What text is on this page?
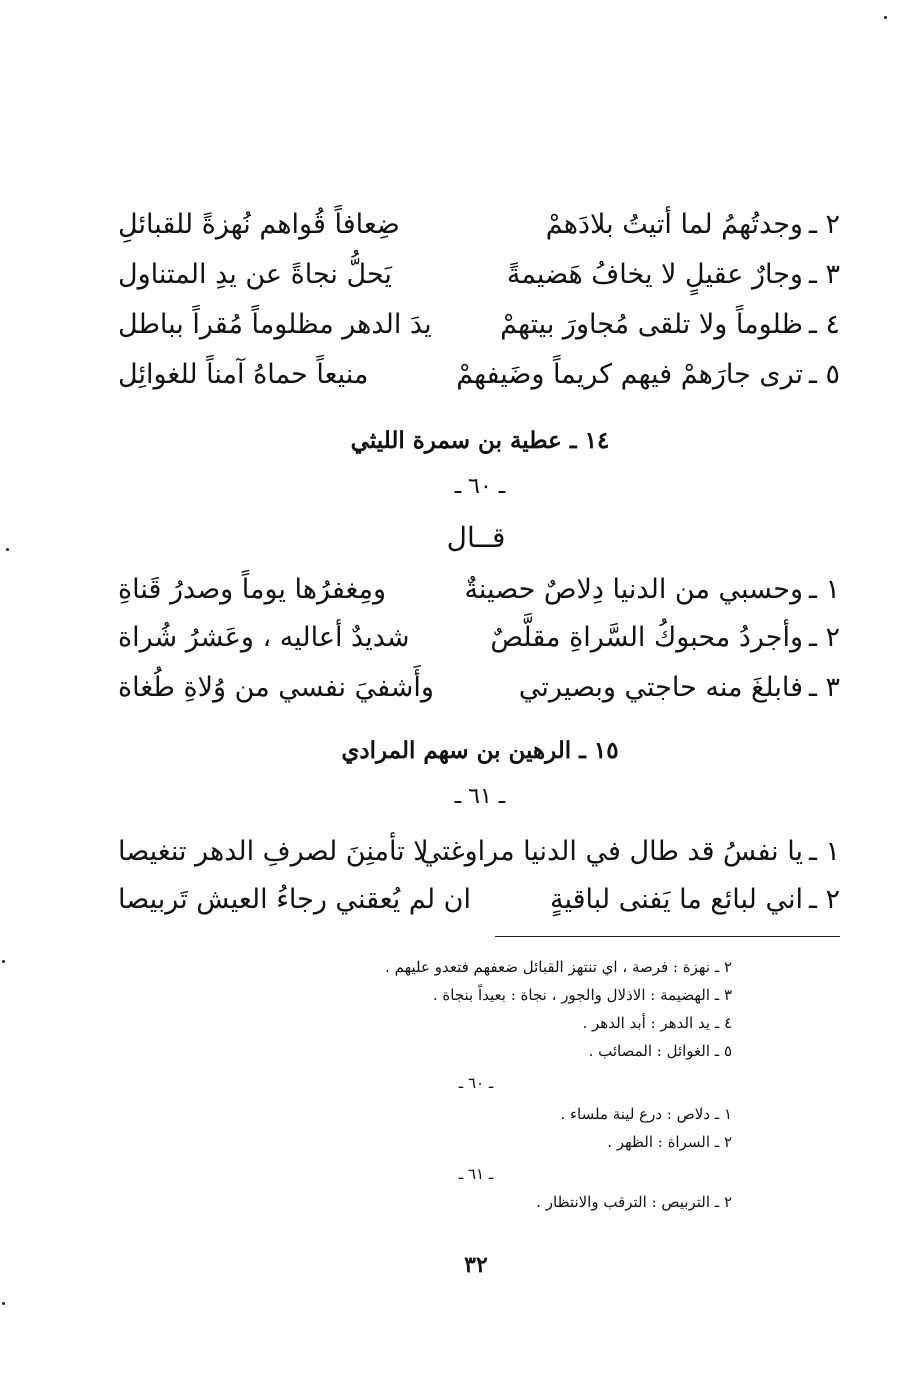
٢ ـ
وجدتُهمُ لما أتيتُ بلادَهمْ
ضِعافاً قُواهم نُهزةً للقبائلِ
٣ ـ
وجارٌ عقيلٍ لا يخافُ هَضيمةً
يَحلُّ نجاةً عن يدِ المتناول
٤ ـ
ظلوماً ولا تلقى مُجاورَ بيتهمْ
يدَ الدهر مظلوماً مُقراً بباطل
٥ ـ
ترى جارَهمْ فيهم كريماً وضَيفهمْ
منيعاً حماهُ آمناً للغوائِل
١٤ ـ عطية بن سمرة الليثي
ـ ٦٠ ـ
قــال
١ ـ
وحسبي من الدنيا دِلاصٌ حصينةٌ
ومِغفرُها يوماً وصدرُ قَناةِ
٢ ـ
وأجردُ محبوكُ السَّراةِ مقلَّصٌ
شديدٌ أعاليه ، وعَشرُ شُراة
٣ ـ
فابلغَ منه حاجتي وبصيرتي
وأَشفيَ نفسي من وُلاةِ طُغاة
١٥ ـ الرهين بن سهم المرادي
ـ ٦١ ـ
١ ـ
يا نفسُ قد طال في الدنيا مراوغتي
لا تأمنِنَ لصرفِ الدهر تنغيصا
٢ ـ
اني لبائع ما يَفنى لباقيةٍ
ان لم يُعقني رجاءُ العيش تَربيصا
٢ ـ نهزة : فرصة ، اي تنتهز القبائل ضعفهم فتعدو عليهم .
٣ ـ الهضيمة : الاذلال والجور ، نجاة : بعيداً بنجاة .
٤ ـ يد الدهر : أبد الدهر .
٥ ـ الغوائل : المصائب .
ـ ٦٠ ـ
١ ـ دلاص : درع لينة ملساء .
٢ ـ السراة : الظهر .
ـ ٦١ ـ
٢ ـ التربيص : الترقب والانتظار .
٣٢
